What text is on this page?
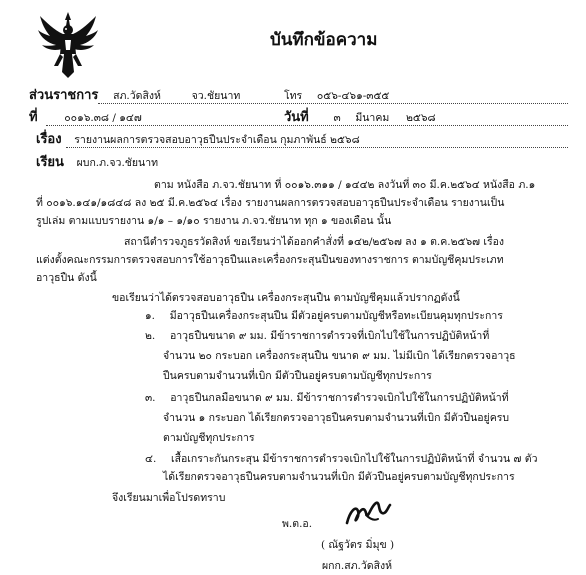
บันทึกข้อความ
ส่วนราชการ สภ.วัดสิงห์	จว.ชัยนาท	โทร ๐๕๖-๔๖๑-๓๕๕
ที่	๐๐๑๖.๓๘ / ๑๔๗	วันที่ ๓ มีนาคม ๒๕๖๘
เรื่อง รายงานผลการตรวจสอบอาวุธปืนประจำเดือน กุมภาพันธ์ ๒๕๖๘
เรียน ผบก.ภ.จว.ชัยนาท
ตาม หนังสือ ภ.จว.ชัยนาท ที่ ๐๐๑๖.๓๑๑ / ๑๔๔๒ ลงวันที่ ๓๐ มี.ค.๒๕๖๔ หนังสือ ภ.๑
ที่ ๐๐๑๖.๑๔๑/๑๘๔๘ ลง ๒๕ มี.ค.๒๕๖๔ เรื่อง รายงานผลการตรวจสอบอาวุธปืนประจำเดือน รายงานเป็น
รูปเล่ม ตามแบบรายงาน ๑/๑ – ๑/๑๐ รายงาน ภ.จว.ชัยนาท ทุก ๑ ของเดือน นั้น
สถานีตำรวจภูธรวัดสิงห์ ขอเรียนว่าได้ออกคำสั่งที่ ๑๔๒/๒๕๖๗ ลง ๑ ต.ค.๒๕๖๗ เรื่อง
แต่งตั้งคณะกรรมการตรวจสอบการใช้อาวุธปืนและเครื่องกระสุนปืนของทางราชการ ตามบัญชีคุมประเภท
อาวุธปืน ดังนี้
ขอเรียนว่าได้ตรวจสอบอาวุธปืน เครื่องกระสุนปืน ตามบัญชีคุมแล้วปรากฏดังนี้
๑. มีอาวุธปืนเครื่องกระสุนปืน มีตัวอยู่ครบตามบัญชีหรือทะเบียนคุมทุกประการ
๒. อาวุธปืนขนาด ๙ มม. มีข้าราชการตำรวจที่เบิกไปใช้ในการปฏิบัติหน้าที่
จำนวน ๒๐ กระบอก เครื่องกระสุนปืน ขนาด ๙ มม. ไม่มีเบิก ได้เรียกตรวจอาวุธ
ปืนครบตามจำนวนที่เบิก มีตัวปืนอยู่ครบตามบัญชีทุกประการ
๓. อาวุธปืนกลมือขนาด ๙ มม. มีข้าราชการตำรวจเบิกไปใช้ในการปฏิบัติหน้าที่
จำนวน ๑ กระบอก ได้เรียกตรวจอาวุธปืนครบตามจำนวนที่เบิก มีตัวปืนอยู่ครบ
ตามบัญชีทุกประการ
๔. เสื้อเกราะกันกระสุน มีข้าราชการตำรวจเบิกไปใช้ในการปฏิบัติหน้าที่ จำนวน ๗ ตัว
ได้เรียกตรวจอาวุธปืนครบตามจำนวนที่เบิก มีตัวปืนอยู่ครบตามบัญชีทุกประการ
จึงเรียนมาเพื่อโปรดทราบ
พ.ต.อ.
( ณัฐวัตร มิ่มุข )
ผกก.สภ.วัดสิงห์
